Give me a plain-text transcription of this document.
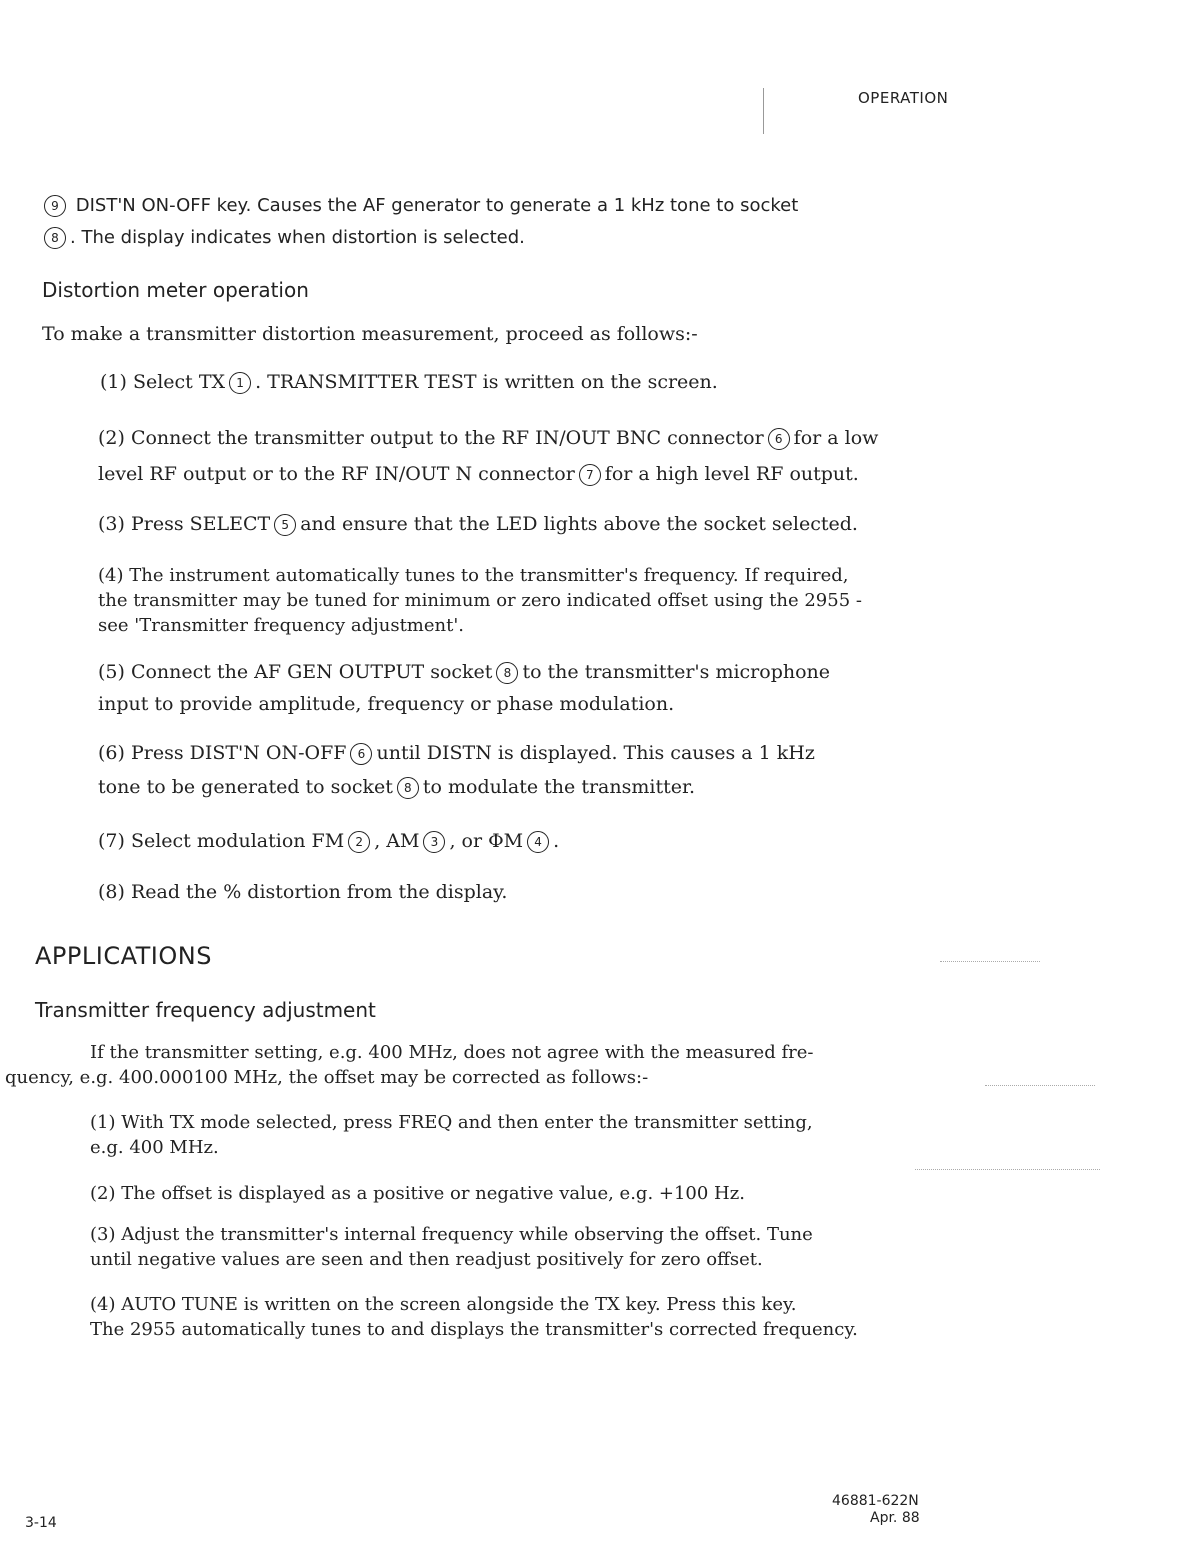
OPERATION
9 DIST'N ON-OFF key. Causes the AF generator to generate a 1 kHz tone to socket
8 . The display indicates when distortion is selected.
Distortion meter operation
To make a transmitter distortion measurement, proceed as follows:-
(1) Select TX 1 . TRANSMITTER TEST is written on the screen.
(2) Connect the transmitter output to the RF IN/OUT BNC connector 6 for a low
level RF output or to the RF IN/OUT N connector 7 for a high level RF output.
(3) Press SELECT 5 and ensure that the LED lights above the socket selected.
(4) The instrument automatically tunes to the transmitter's frequency. If required,
the transmitter may be tuned for minimum or zero indicated offset using the 2955 -
see 'Transmitter frequency adjustment'.
(5) Connect the AF GEN OUTPUT socket 8 to the transmitter's microphone
input to provide amplitude, frequency or phase modulation.
(6) Press DIST'N ON-OFF 6 until DISTN is displayed. This causes a 1 kHz
tone to be generated to socket 8 to modulate the transmitter.
(7) Select modulation FM 2 , AM 3 , or ΦM 4 .
(8) Read the % distortion from the display.
APPLICATIONS
Transmitter frequency adjustment
If the transmitter setting, e.g. 400 MHz, does not agree with the measured fre-
quency, e.g. 400.000100 MHz, the offset may be corrected as follows:-
(1) With TX mode selected, press FREQ and then enter the transmitter setting,
e.g. 400 MHz.
(2) The offset is displayed as a positive or negative value, e.g. +100 Hz.
(3) Adjust the transmitter's internal frequency while observing the offset. Tune
until negative values are seen and then readjust positively for zero offset.
(4) AUTO TUNE is written on the screen alongside the TX key. Press this key.
The 2955 automatically tunes to and displays the transmitter's corrected frequency.
3-14
46881-622N
Apr. 88
